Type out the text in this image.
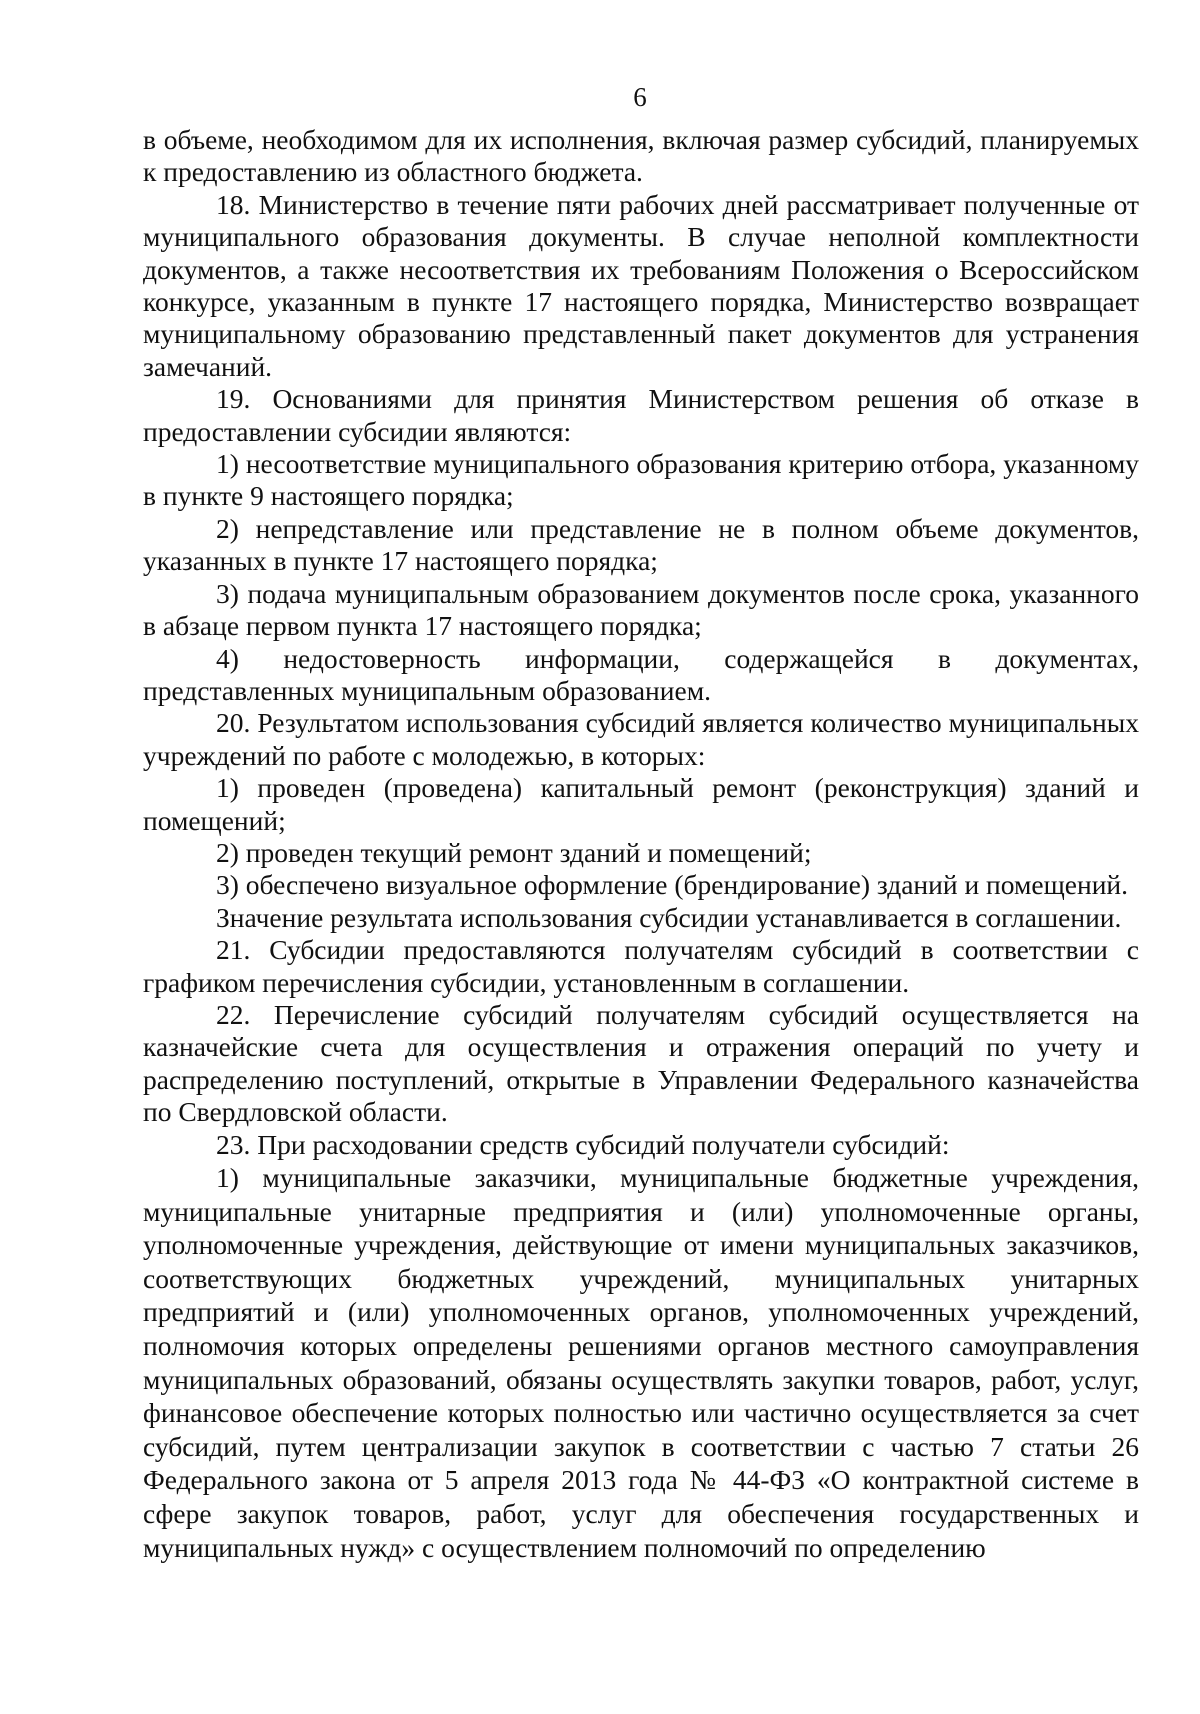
6

в объеме, необходимом для их исполнения, включая размер субсидий, планируемых к предоставлению из областного бюджета.

18. Министерство в течение пяти рабочих дней рассматривает полученные от муниципального образования документы. В случае неполной комплектности документов, а также несоответствия их требованиям Положения о Всероссийском конкурсе, указанным в пункте 17 настоящего порядка, Министерство возвращает муниципальному образованию представленный пакет документов для устранения замечаний.

19. Основаниями для принятия Министерством решения об отказе в предоставлении субсидии являются:

1) несоответствие муниципального образования критерию отбора, указанному в пункте 9 настоящего порядка;

2) непредставление или представление не в полном объеме документов, указанных в пункте 17 настоящего порядка;

3) подача муниципальным образованием документов после срока, указанного в абзаце первом пункта 17 настоящего порядка;

4) недостоверность информации, содержащейся в документах, представленных муниципальным образованием.

20. Результатом использования субсидий является количество муниципальных учреждений по работе с молодежью, в которых:

1) проведен (проведена) капитальный ремонт (реконструкция) зданий и помещений;

2) проведен текущий ремонт зданий и помещений;

3) обеспечено визуальное оформление (брендирование) зданий и помещений.

Значение результата использования субсидии устанавливается в соглашении.

21. Субсидии предоставляются получателям субсидий в соответствии с графиком перечисления субсидии, установленным в соглашении.

22. Перечисление субсидий получателям субсидий осуществляется на казначейские счета для осуществления и отражения операций по учету и распределению поступлений, открытые в Управлении Федерального казначейства по Свердловской области.

23. При расходовании средств субсидий получатели субсидий:

1) муниципальные заказчики, муниципальные бюджетные учреждения, муниципальные унитарные предприятия и (или) уполномоченные органы, уполномоченные учреждения, действующие от имени муниципальных заказчиков, соответствующих бюджетных учреждений, муниципальных унитарных предприятий и (или) уполномоченных органов, уполномоченных учреждений, полномочия которых определены решениями органов местного самоуправления муниципальных образований, обязаны осуществлять закупки товаров, работ, услуг, финансовое обеспечение которых полностью или частично осуществляется за счет субсидий, путем централизации закупок в соответствии с частью 7 статьи 26 Федерального закона от 5 апреля 2013 года № 44-ФЗ «О контрактной системе в сфере закупок товаров, работ, услуг для обеспечения государственных и муниципальных нужд» с осуществлением полномочий по определению
